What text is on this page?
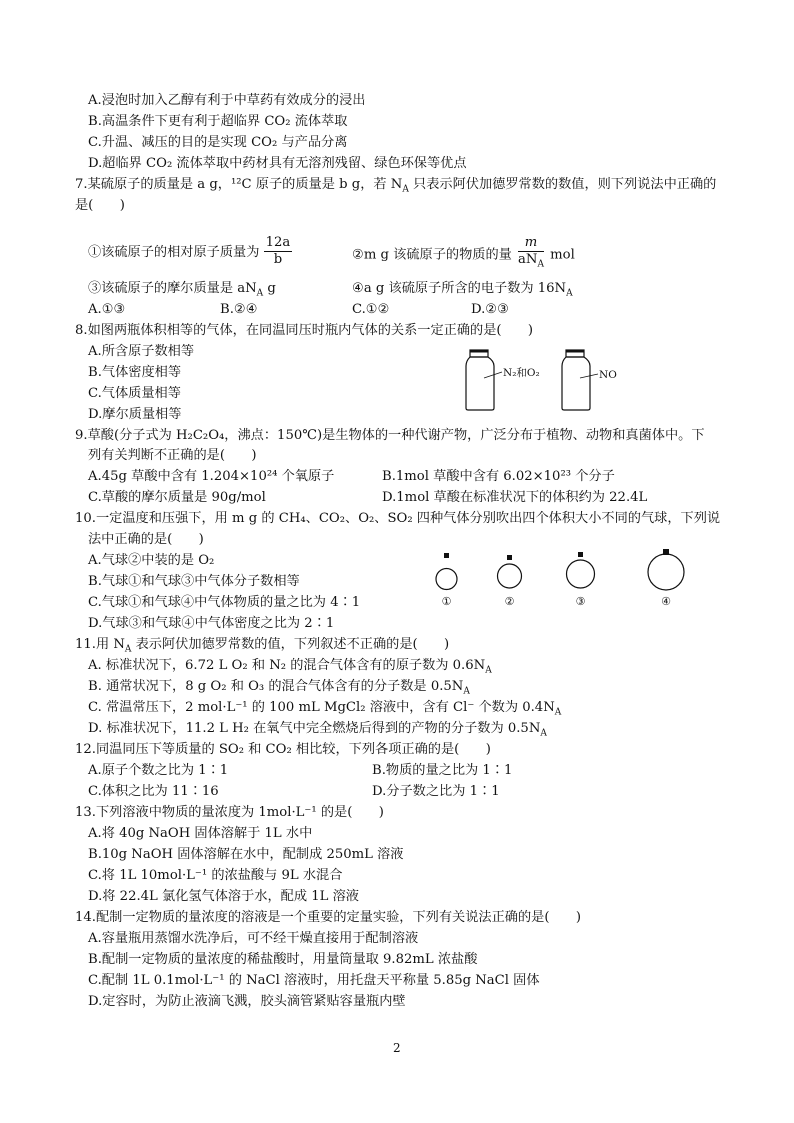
A.浸泡时加入乙醇有利于中草药有效成分的浸出
B.高温条件下更有利于超临界 CO₂ 流体萃取
C.升温、减压的目的是实现 CO₂ 与产品分离
D.超临界 CO₂ 流体萃取中药材具有无溶剂残留、绿色环保等优点
7.某硫原子的质量是 a g，¹²C 原子的质量是 b g，若 $N_A$ 只表示阿伏加德罗常数的数值，则下列说法中正确的
是(　　)
①该硫原子的相对原子质量为 $\frac{12a}{b}$	②m g 该硫原子的物质的量
m
$aN_A$
mol
③该硫原子的摩尔质量是 $aN_A$ g	④a g 该硫原子所含的电子数为 $16N_A$
A.①③	B.②④	C.①②	D.②③
8.如图两瓶体积相等的气体，在同温同压时瓶内气体的关系一定正确的是(　　)
A.所含原子数相等
B.气体密度相等
C.气体质量相等
D.摩尔质量相等
N₂和O₂	NO
9.草酸(分子式为 H₂C₂O₄，沸点：150℃)是生物体的一种代谢产物，广泛分布于植物、动物和真菌体中。下
列有关判断不正确的是(　　)
A.45g 草酸中含有 1.204×10²⁴ 个氧原子	B.1mol 草酸中含有 6.02×10²³ 个分子
C.草酸的摩尔质量是 90g/mol	D.1mol 草酸在标准状况下的体积约为 22.4L
10.一定温度和压强下，用 m g 的 CH₄、CO₂、O₂、SO₂ 四种气体分别吹出四个体积大小不同的气球，下列说
法中正确的是(　　)
A.气球②中装的是 O₂
B.气球①和气球③中气体分子数相等
C.气球①和气球④中气体物质的量之比为 4∶1
D.气球③和气球④中气体密度之比为 2∶1
①	②	③	④
11.用 $N_A$ 表示阿伏加德罗常数的值，下列叙述不正确的是(　　)
A. 标准状况下，6.72 L O₂ 和 N₂ 的混合气体含有的原子数为 $0.6N_A$
B. 通常状况下，8 g O₂ 和 O₃ 的混合气体含有的分子数是 $0.5N_A$
C. 常温常压下，2 mol·L⁻¹ 的 100 mL MgCl₂ 溶液中，含有 Cl⁻ 个数为 $0.4N_A$
D. 标准状况下，11.2 L H₂ 在氧气中完全燃烧后得到的产物的分子数为 $0.5N_A$
12.同温同压下等质量的 SO₂ 和 CO₂ 相比较，下列各项正确的是(　　)
A.原子个数之比为 1∶1	B.物质的量之比为 1∶1
C.体积之比为 11∶16	D.分子数之比为 1∶1
13.下列溶液中物质的量浓度为 1mol·L⁻¹ 的是(　　)
A.将 40g NaOH 固体溶解于 1L 水中
B.10g NaOH 固体溶解在水中，配制成 250mL 溶液
C.将 1L 10mol·L⁻¹ 的浓盐酸与 9L 水混合
D.将 22.4L 氯化氢气体溶于水，配成 1L 溶液
14.配制一定物质的量浓度的溶液是一个重要的定量实验，下列有关说法正确的是(　　)
A.容量瓶用蒸馏水洗净后，可不经干燥直接用于配制溶液
B.配制一定物质的量浓度的稀盐酸时，用量筒量取 9.82mL 浓盐酸
C.配制 1L 0.1mol·L⁻¹ 的 NaCl 溶液时，用托盘天平称量 5.85g NaCl 固体
D.定容时，为防止液滴飞溅，胶头滴管紧贴容量瓶内壁
2
